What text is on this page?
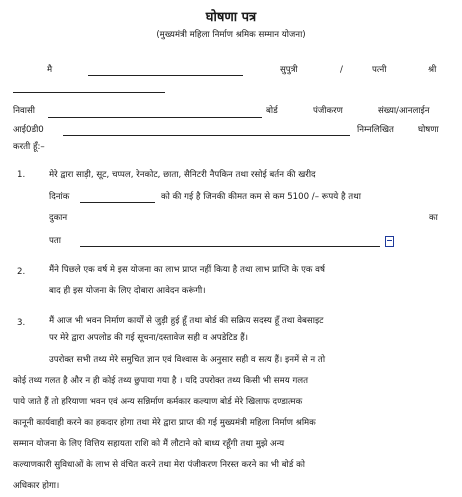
घोषणा पत्र
(मुख्यमंत्री महिला निर्माण श्रमिक सम्मान योजना)
मै	सुपुत्री	/	पत्नी	श्री
निवासी	बोर्ड	पंजीकरण	संख्या/आनलाईन
आई0डी0	निम्नलिखित	घोषणा
करती हूँ:–
1.	मेरे द्वारा साड़ी, सूट, चप्पल, रेनकोट, छाता, सैनिटरी नैपकिन तथा रसोई बर्तन की खरीद
दिनांक	को की गई है जिनकी कीमत कम से कम 5100 /– रूपये है तथा
दुकान	का
पता
2.	मैंने पिछले एक वर्ष मे इस योजना का लाभ प्राप्त नहीं किया है तथा लाभ प्राप्ति के एक वर्ष
बाद ही इस योजना के लिए दोबारा आवेदन करूंगी।
3.	मैं आज भी भवन निर्माण कार्यों से जुड़ी हुई हूँ तथा बोर्ड की सक्रिय सदस्य हूँ तथा वेबसाइट
पर मेरे द्वारा अपलोड की गई सूचना/दस्तावेज सही व अपडेटिड हैं।
उपरोक्त सभी तथ्य मेरे समुचित ज्ञान एवं विश्वास के अनुसार सही व सत्य हैं। इनमें से न तो
कोई तथ्य गलत है और न ही कोई तथ्य छुपाया गया है । यदि उपरोक्त तथ्य किसी भी समय गलत
पाये जाते हैं तो हरियाणा भवन एवं अन्य सन्निर्माण कर्मकार कल्याण बोर्ड मेरे खिलाफ दण्डात्मक
कानूनी कार्यवाही करने का हकदार होगा तथा मेरे द्वारा प्राप्त की गई मुख्यमंत्री महिला निर्माण श्रमिक
सम्मान योजना के लिए वित्तिय सहायता राशि को मैं लौटाने को बाध्य रहूँगी तथा मुझे अन्य
कल्याणकारी सुविधाओं के लाभ से वंचित करने तथा मेरा पंजीकरण निरस्त करने का भी बोर्ड को
अधिकार होगा।
